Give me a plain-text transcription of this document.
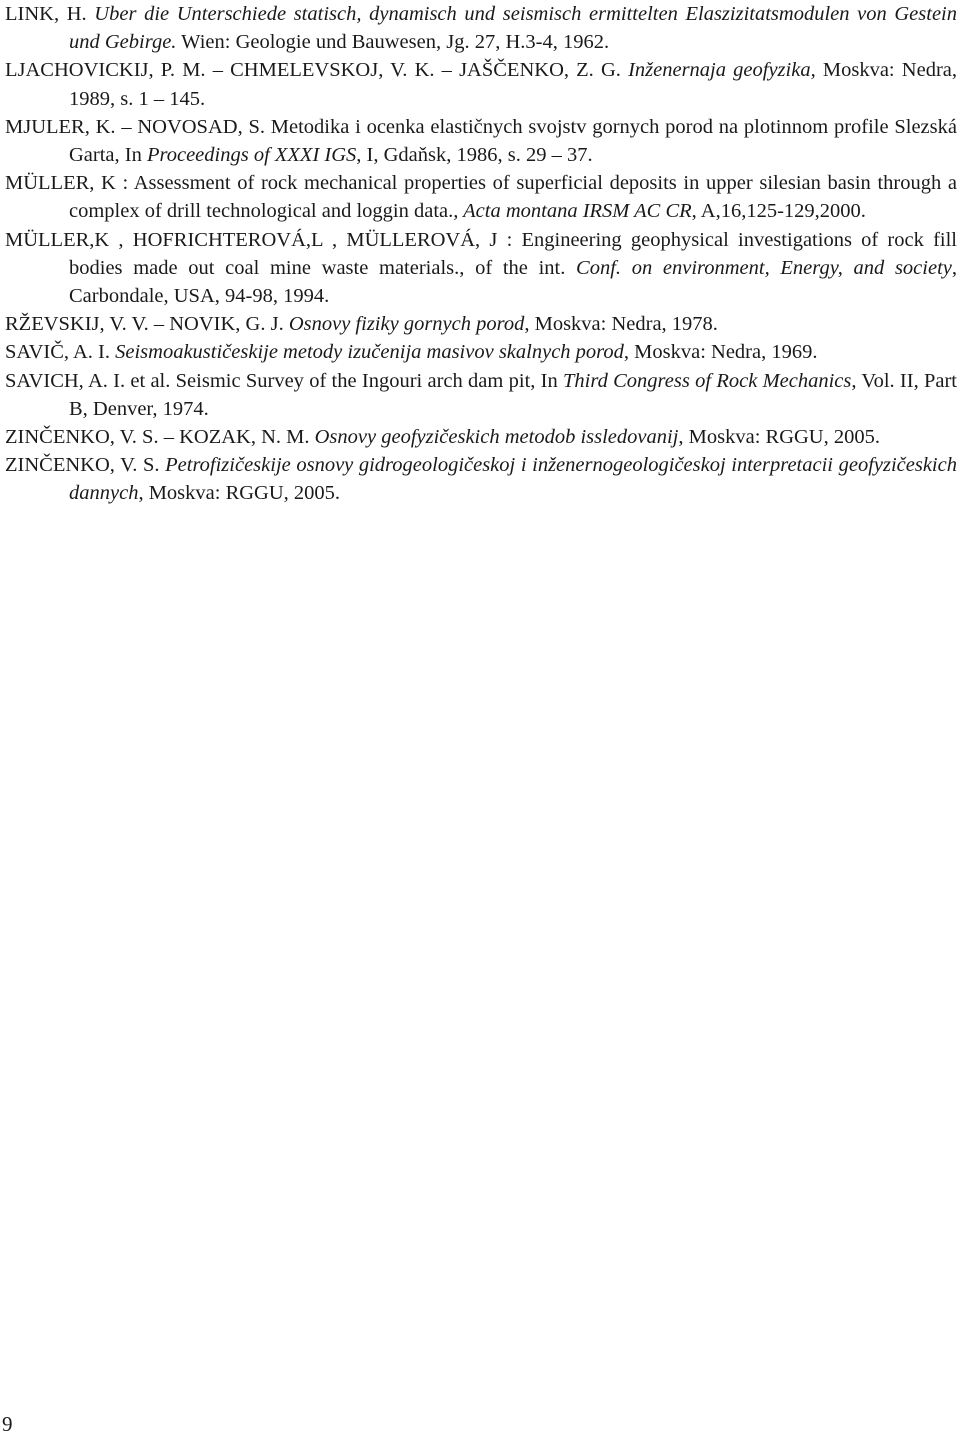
LINK, H. Uber die Unterschiede statisch, dynamisch und seismisch ermittelten Elaszizitatsmodulen von Gestein und Gebirge. Wien: Geologie und Bauwesen, Jg. 27, H.3-4, 1962.
LJACHOVICKIJ, P. M. – CHMELEVSKOJ, V. K. – JAŠČENKO, Z. G. Inženernaja geofyzika, Moskva: Nedra, 1989, s. 1 – 145.
MJULER, K. – NOVOSAD, S. Metodika i ocenka elastičnych svojstv gornych porod na plotinnom profile Slezská Garta, In Proceedings of XXXI IGS, I, Gdaňsk, 1986, s. 29 – 37.
MÜLLER, K : Assessment of rock mechanical properties of superficial deposits in upper silesian basin through a complex of drill technological and loggin data., Acta montana IRSM AC CR, A,16,125-129,2000.
MÜLLER,K , HOFRICHTEROVÁ,L , MÜLLEROVÁ, J : Engineering geophysical investigations of rock fill bodies made out coal mine waste materials., of the int. Conf. on environment, Energy, and society, Carbondale, USA, 94-98, 1994.
RŽEVSKIJ, V. V. – NOVIK, G. J. Osnovy fiziky gornych porod, Moskva: Nedra, 1978.
SAVIČ, A. I. Seismoakustičeskije metody izučenija masivov skalnych porod, Moskva: Nedra, 1969.
SAVICH, A. I. et al. Seismic Survey of the Ingouri arch dam pit, In Third Congress of Rock Mechanics, Vol. II, Part B, Denver, 1974.
ZINČENKO, V. S. – KOZAK, N. M. Osnovy geofyzičeskich metodob issledovanij, Moskva: RGGU, 2005.
ZINČENKO, V. S. Petrofizičeskije osnovy gidrogeologičeskoj i inženernogeologičeskoj interpretacii geofyzičeskich dannych, Moskva: RGGU, 2005.
9
